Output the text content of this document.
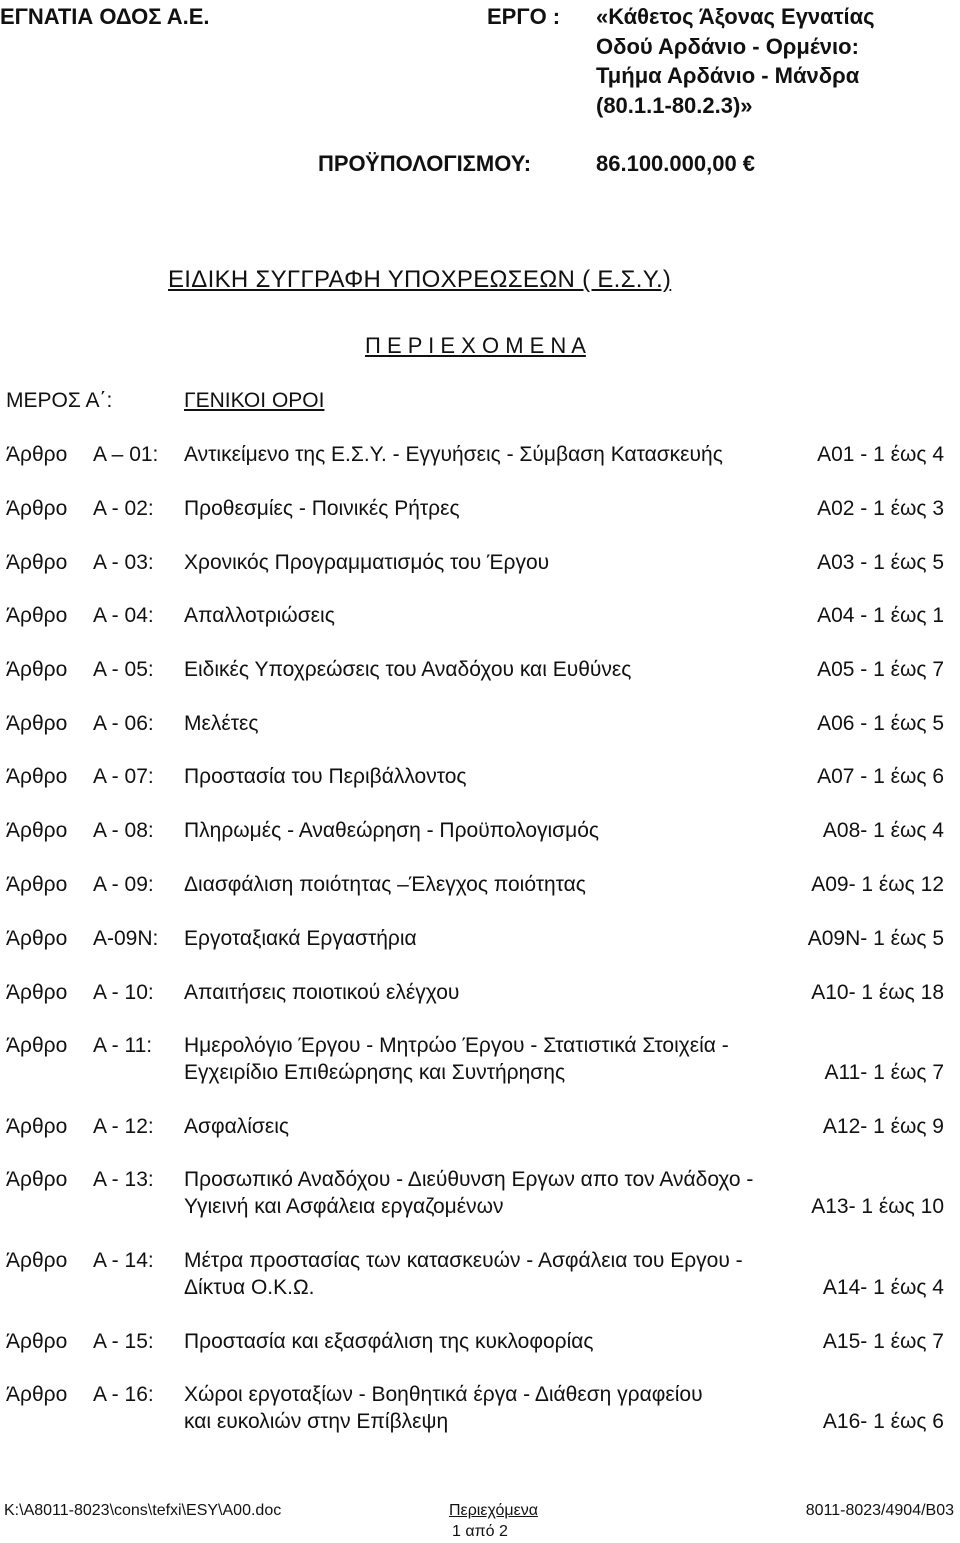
ΕΓΝΑΤΙΑ ΟΔΟΣ Α.Ε.	ΕΡΓΟ : «Κάθετος Άξονας Εγνατίας
Οδού Αρδάνιο - Ορμένιο:
Τμήμα Αρδάνιο - Μάνδρα
(80.1.1-80.2.3)»
ΠΡΟΫΠΟΛΟΓΙΣΜΟΥ:	86.100.000,00 €
ΕΙΔΙΚΗ ΣΥΓΓΡΑΦΗ ΥΠΟΧΡΕΩΣΕΩΝ ( Ε.Σ.Υ.)
Π Ε Ρ Ι Ε Χ Ο Μ Ε Ν Α
ΜΕΡΟΣ Α΄:	ΓΕΝΙΚΟΙ ΟΡΟΙ
Άρθρο Α – 01: Αντικείμενο της Ε.Σ.Υ. - Εγγυήσεις - Σύμβαση Κατασκευής	Α01 - 1 έως 4
Άρθρο Α - 02: Προθεσμίες - Ποινικές Ρήτρες	Α02 - 1 έως 3
Άρθρο Α - 03: Χρονικός Προγραμματισμός του Έργου	Α03 - 1 έως 5
Άρθρο Α - 04: Απαλλοτριώσεις	Α04 - 1 έως 1
Άρθρο Α - 05: Ειδικές Υποχρεώσεις του Αναδόχου και Ευθύνες	Α05 - 1 έως 7
Άρθρο Α - 06: Μελέτες	Α06 - 1 έως 5
Άρθρο Α - 07: Προστασία του Περιβάλλοντος	Α07 - 1 έως 6
Άρθρο Α - 08: Πληρωμές - Αναθεώρηση - Προϋπολογισμός	Α08- 1 έως 4
Άρθρο Α - 09: Διασφάλιση ποιότητας –Έλεγχος ποιότητας	Α09- 1 έως 12
Άρθρο Α-09Ν: Εργοταξιακά Εργαστήρια	Α09Ν- 1 έως 5
Άρθρο Α - 10: Απαιτήσεις ποιοτικού ελέγχου	Α10- 1 έως 18
Άρθρο Α - 11: Ημερολόγιο Έργου - Μητρώο Έργου - Στατιστικά Στοιχεία -
Εγχειρίδιο Επιθεώρησης και Συντήρησης	Α11- 1 έως 7
Άρθρο Α - 12: Ασφαλίσεις	Α12- 1 έως 9
Άρθρο Α - 13: Προσωπικό Αναδόχου - Διεύθυνση Εργων απο τον Ανάδοχο -
Υγιεινή και Ασφάλεια εργαζομένων	Α13- 1 έως 10
Άρθρο Α - 14: Μέτρα προστασίας των κατασκευών - Ασφάλεια του Εργου -
Δίκτυα Ο.Κ.Ω.	Α14- 1 έως 4
Άρθρο Α - 15: Προστασία και εξασφάλιση της κυκλοφορίας	Α15- 1 έως 7
Άρθρο Α - 16: Χώροι εργοταξίων - Βοηθητικά έργα - Διάθεση γραφείου
και ευκολιών στην Επίβλεψη	Α16- 1 έως 6
K:\A8011-8023\cons\tefxi\ESY\A00.doc	Περιεχόμενα	8011-8023/4904/Β03
1 από 2
